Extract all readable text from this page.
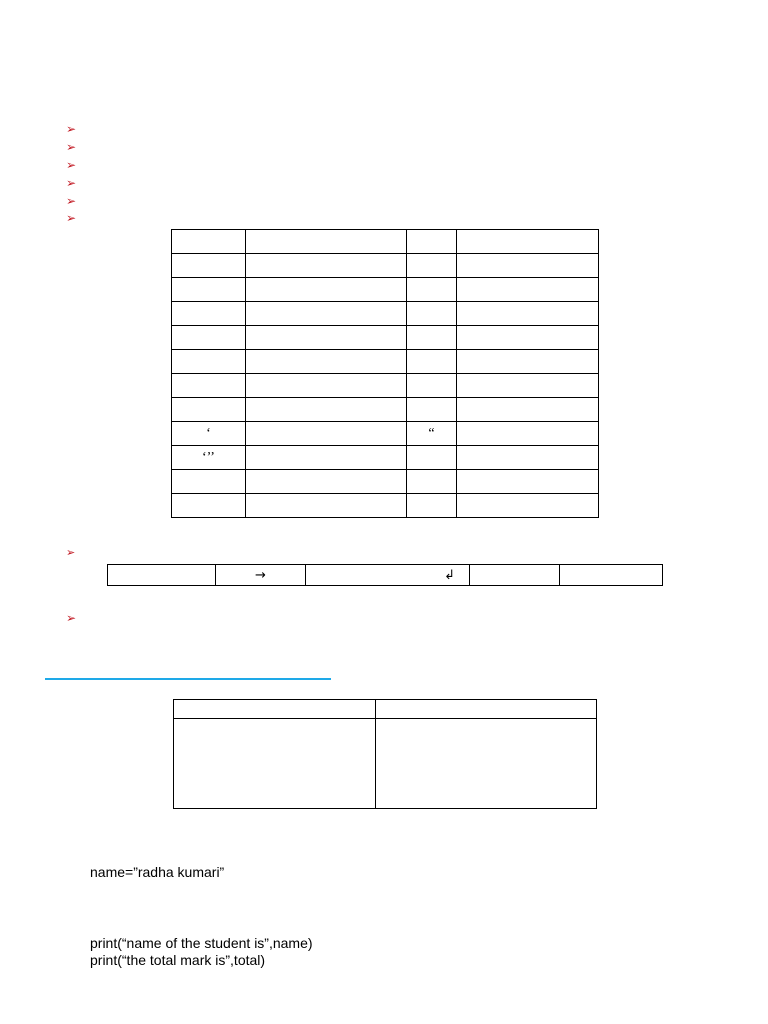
➢
➢
➢
➢
➢
➢

‘		“	
‘’’			

➢
	→	↲		
➢

name=”radha kumari”
print(“name of the student is”,name)
print(“the total mark is”,total)
